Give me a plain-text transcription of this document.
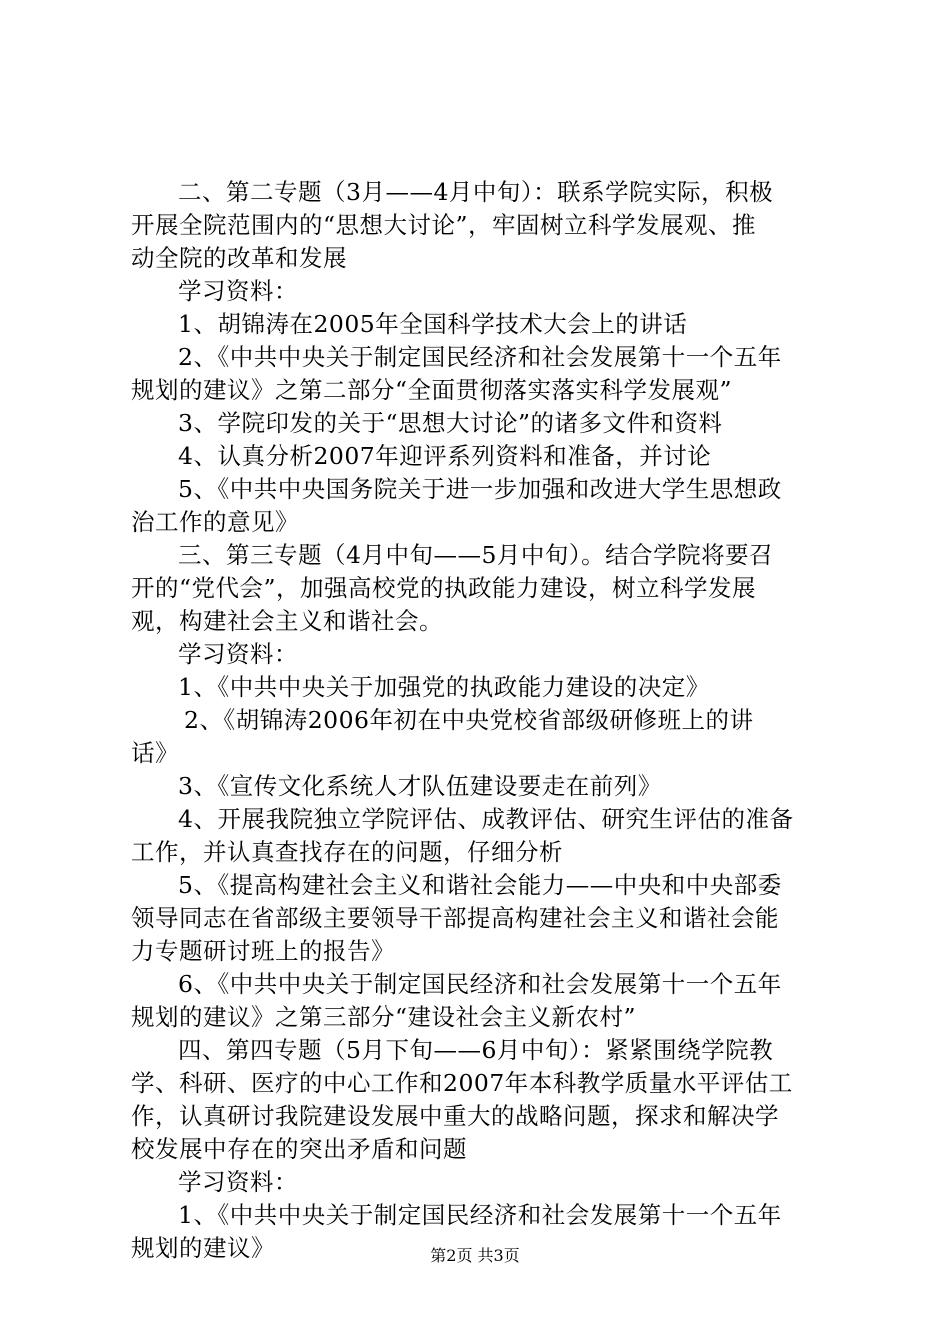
二、第二专题（3月——4月中旬）：联系学院实际，积极
开展全院范围内的“思想大讨论”，牢固树立科学发展观、推
动全院的改革和发展
学习资料：
1、胡锦涛在2005年全国科学技术大会上的讲话
2、《中共中央关于制定国民经济和社会发展第十一个五年
规划的建议》之第二部分“全面贯彻落实落实科学发展观”
3、学院印发的关于“思想大讨论”的诸多文件和资料
4、认真分析2007年迎评系列资料和准备，并讨论
5、《中共中央国务院关于进一步加强和改进大学生思想政
治工作的意见》
三、第三专题（4月中旬——5月中旬）。结合学院将要召
开的“党代会”，加强高校党的执政能力建设，树立科学发展
观，构建社会主义和谐社会。
学习资料：
1、《中共中央关于加强党的执政能力建设的决定》
2、《胡锦涛2006年初在中央党校省部级研修班上的讲
话》
3、《宣传文化系统人才队伍建设要走在前列》
4、开展我院独立学院评估、成教评估、研究生评估的准备
工作，并认真查找存在的问题，仔细分析
5、《提高构建社会主义和谐社会能力——中央和中央部委
领导同志在省部级主要领导干部提高构建社会主义和谐社会能
力专题研讨班上的报告》
6、《中共中央关于制定国民经济和社会发展第十一个五年
规划的建议》之第三部分“建设社会主义新农村”
四、第四专题（5月下旬——6月中旬）：紧紧围绕学院教
学、科研、医疗的中心工作和2007年本科教学质量水平评估工
作，认真研讨我院建设发展中重大的战略问题，探求和解决学
校发展中存在的突出矛盾和问题
学习资料：
1、《中共中央关于制定国民经济和社会发展第十一个五年
规划的建议》	第2页 共3页
